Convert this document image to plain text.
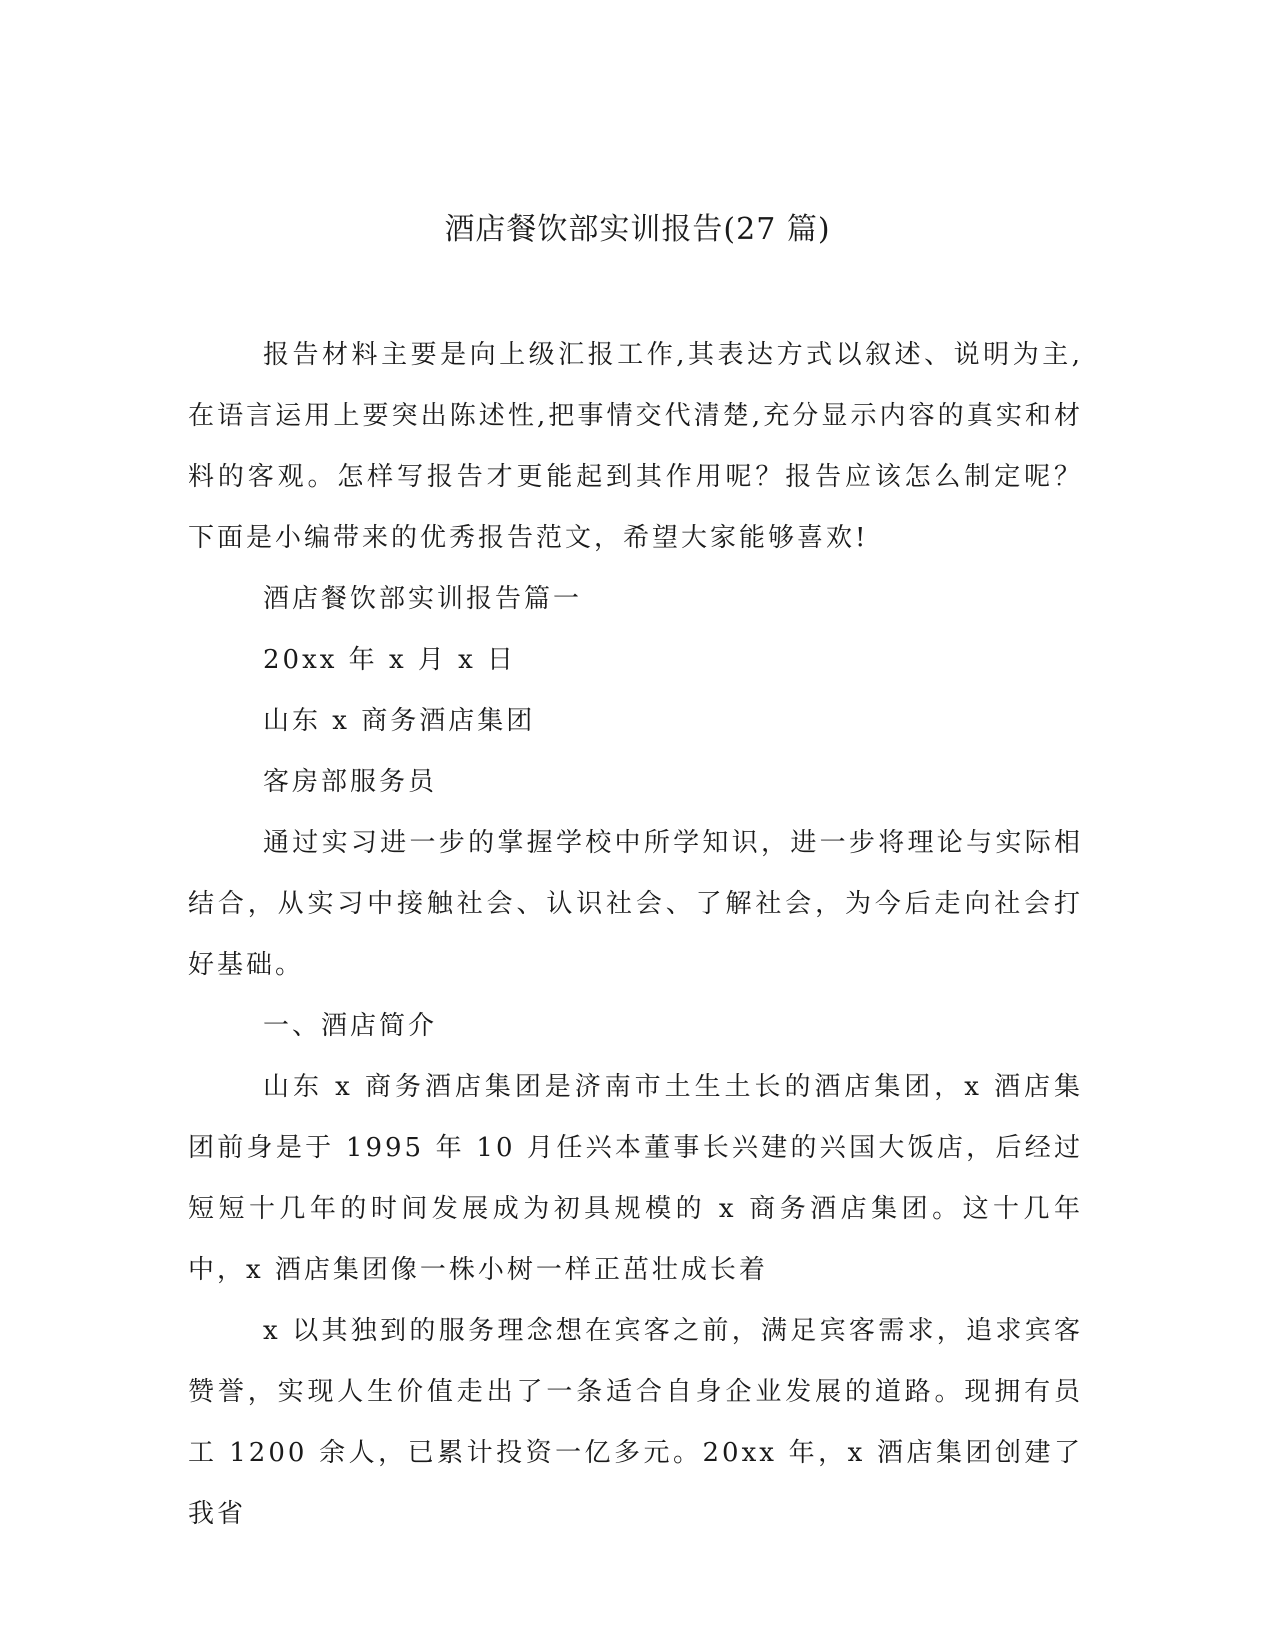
酒店餐饮部实训报告(27 篇)

报告材料主要是向上级汇报工作,其表达方式以叙述、说明为主,在语言运用上要突出陈述性,把事情交代清楚,充分显示内容的真实和材料的客观。怎样写报告才更能起到其作用呢？报告应该怎么制定呢？下面是小编带来的优秀报告范文，希望大家能够喜欢!

酒店餐饮部实训报告篇一

20xx 年 x 月 x 日

山东 x 商务酒店集团

客房部服务员

通过实习进一步的掌握学校中所学知识，进一步将理论与实际相结合，从实习中接触社会、认识社会、了解社会，为今后走向社会打好基础。

一、酒店简介

山东 x 商务酒店集团是济南市土生土长的酒店集团，x 酒店集团前身是于 1995 年 10 月任兴本董事长兴建的兴国大饭店，后经过短短十几年的时间发展成为初具规模的 x 商务酒店集团。这十几年中，x 酒店集团像一株小树一样正茁壮成长着

x 以其独到的服务理念想在宾客之前，满足宾客需求，追求宾客赞誉，实现人生价值走出了一条适合自身企业发展的道路。现拥有员工 1200 余人，已累计投资一亿多元。20xx 年，x 酒店集团创建了我省
